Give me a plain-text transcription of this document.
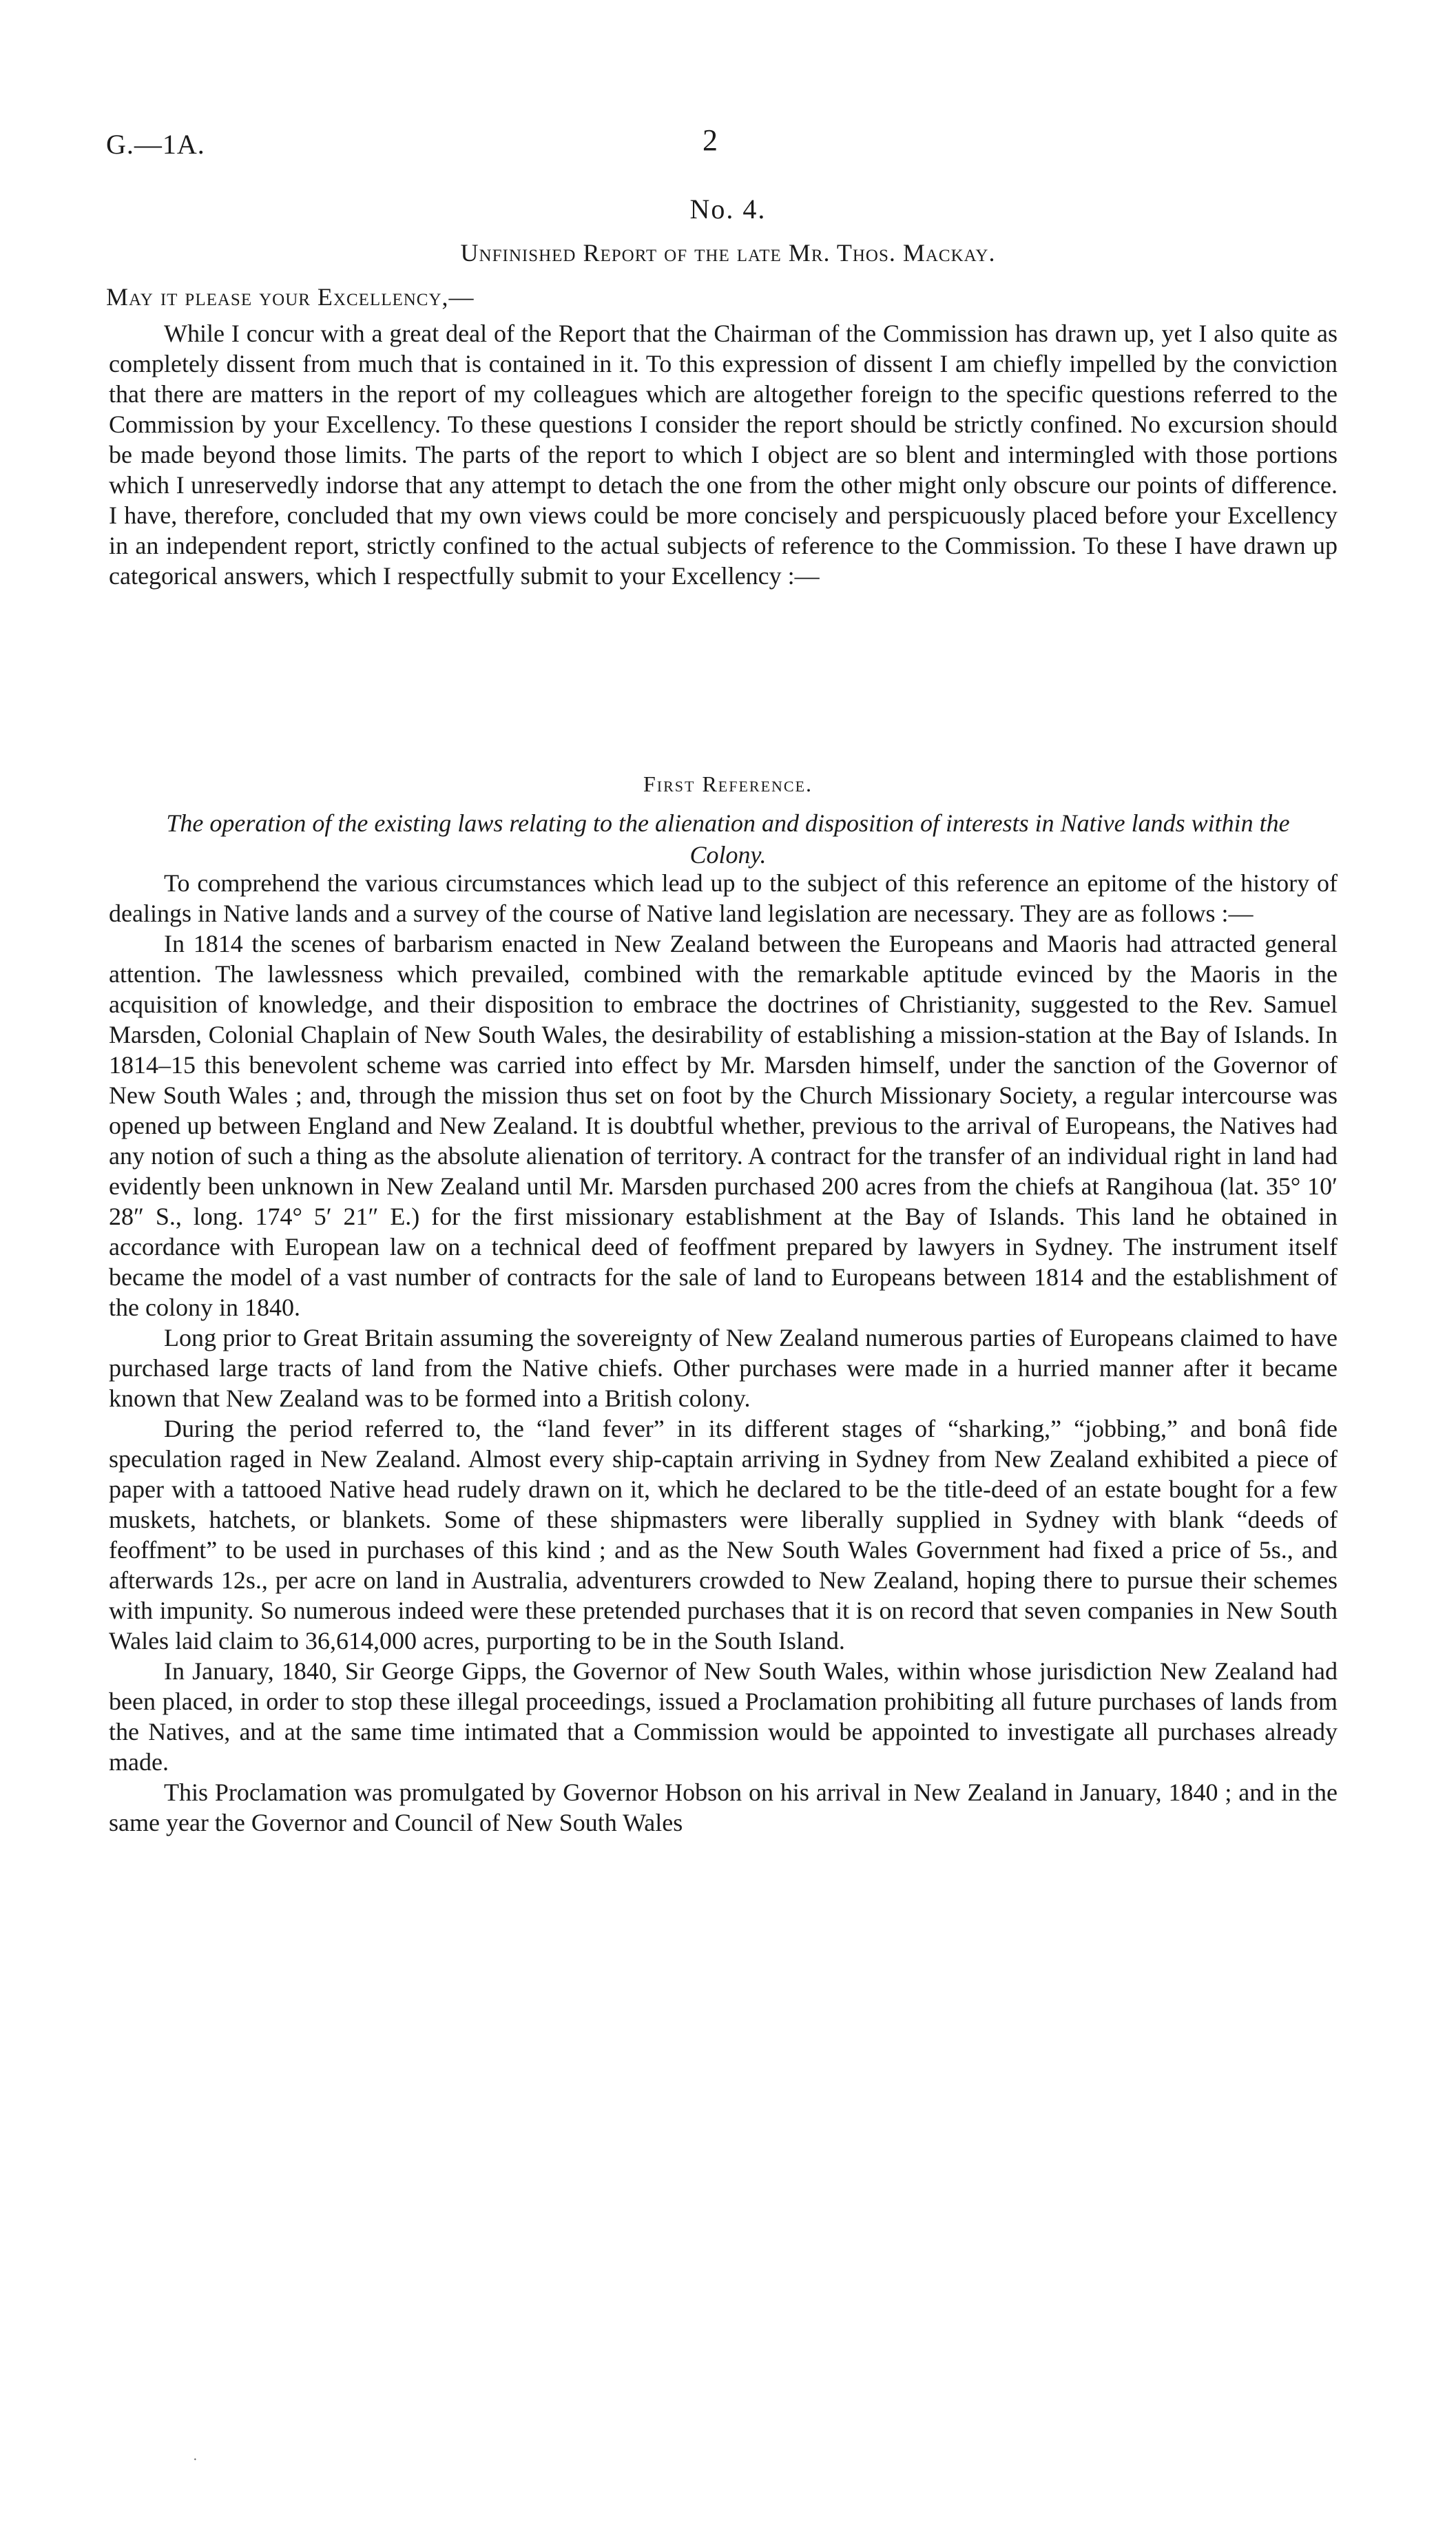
G.—1A.	2
No. 4.
Unfinished Report of the late Mr. Thos. Mackay.
May it please your Excellency,—

While I concur with a great deal of the Report that the Chairman of the Commission has drawn up, yet I also quite as completely dissent from much that is contained in it. To this expression of dissent I am chiefly impelled by the conviction that there are matters in the report of my colleagues which are altogether foreign to the specific questions referred to the Commission by your Excellency. To these questions I consider the report should be strictly confined. No excursion should be made beyond those limits. The parts of the report to which I object are so blent and intermingled with those portions which I unreservedly indorse that any attempt to detach the one from the other might only obscure our points of difference. I have, therefore, concluded that my own views could be more concisely and perspicuously placed before your Excellency in an independent report, strictly confined to the actual subjects of reference to the Commission. To these I have drawn up categorical answers, which I respectfully submit to your Excellency :—

First Reference.
The operation of the existing laws relating to the alienation and disposition of interests in Native lands within the Colony.

To comprehend the various circumstances which lead up to the subject of this reference an epitome of the history of dealings in Native lands and a survey of the course of Native land legislation are necessary. They are as follows :—

In 1814 the scenes of barbarism enacted in New Zealand between the Europeans and Maoris had attracted general attention. The lawlessness which prevailed, combined with the remarkable aptitude evinced by the Maoris in the acquisition of knowledge, and their disposition to embrace the doctrines of Christianity, suggested to the Rev. Samuel Marsden, Colonial Chaplain of New South Wales, the desirability of establishing a mission-station at the Bay of Islands. In 1814–15 this benevolent scheme was carried into effect by Mr. Marsden himself, under the sanction of the Governor of New South Wales ; and, through the mission thus set on foot by the Church Missionary Society, a regular intercourse was opened up between England and New Zealand. It is doubtful whether, previous to the arrival of Europeans, the Natives had any notion of such a thing as the absolute alienation of territory. A contract for the transfer of an individual right in land had evidently been unknown in New Zealand until Mr. Marsden purchased 200 acres from the chiefs at Rangihoua (lat. 35° 10′ 28″ S., long. 174° 5′ 21″ E.) for the first missionary establishment at the Bay of Islands. This land he obtained in accordance with European law on a technical deed of feoffment prepared by lawyers in Sydney. The instrument itself became the model of a vast number of contracts for the sale of land to Europeans between 1814 and the establishment of the colony in 1840.

Long prior to Great Britain assuming the sovereignty of New Zealand numerous parties of Europeans claimed to have purchased large tracts of land from the Native chiefs. Other purchases were made in a hurried manner after it became known that New Zealand was to be formed into a British colony.

During the period referred to, the “land fever” in its different stages of “sharking,” “jobbing,” and bonâ fide speculation raged in New Zealand. Almost every ship-captain arriving in Sydney from New Zealand exhibited a piece of paper with a tattooed Native head rudely drawn on it, which he declared to be the title-deed of an estate bought for a few muskets, hatchets, or blankets. Some of these shipmasters were liberally supplied in Sydney with blank “deeds of feoffment” to be used in purchases of this kind ; and as the New South Wales Government had fixed a price of 5s., and afterwards 12s., per acre on land in Australia, adventurers crowded to New Zealand, hoping there to pursue their schemes with impunity. So numerous indeed were these pretended purchases that it is on record that seven companies in New South Wales laid claim to 36,614,000 acres, purporting to be in the South Island.

In January, 1840, Sir George Gipps, the Governor of New South Wales, within whose jurisdiction New Zealand had been placed, in order to stop these illegal proceedings, issued a Proclamation prohibiting all future purchases of lands from the Natives, and at the same time intimated that a Commission would be appointed to investigate all purchases already made.

This Proclamation was promulgated by Governor Hobson on his arrival in New Zealand in January, 1840 ; and in the same year the Governor and Council of New South Wales

·
